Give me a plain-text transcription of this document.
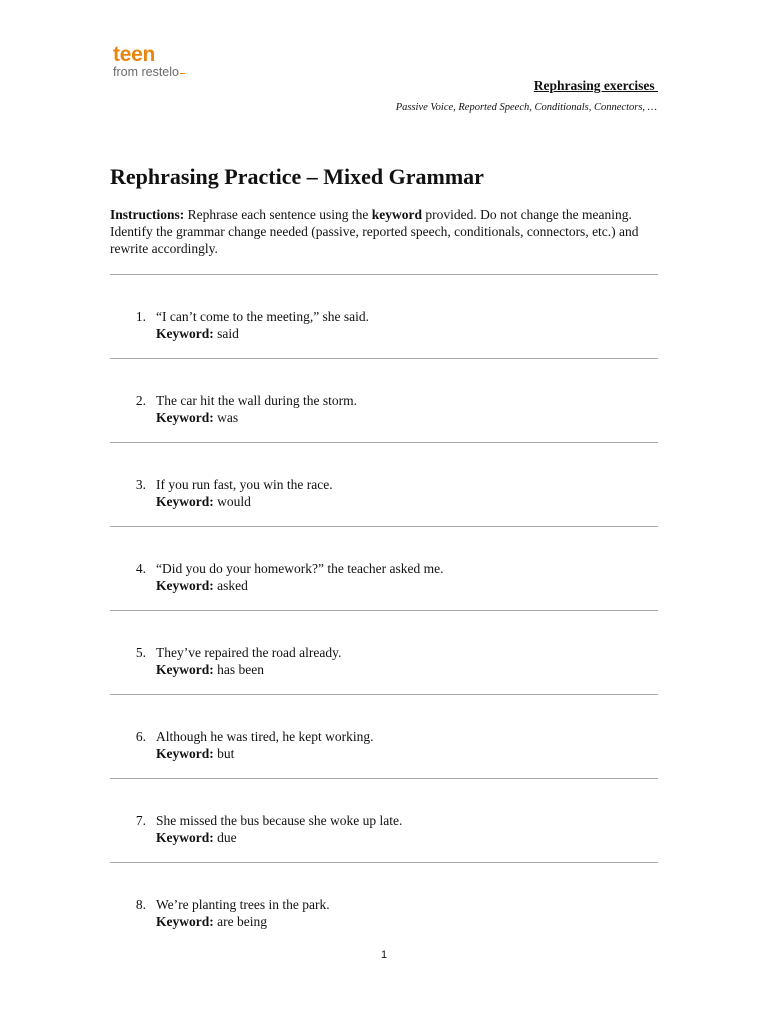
teen
from restelo
Rephrasing exercises
Passive Voice, Reported Speech, Conditionals, Connectors, …
Rephrasing Practice – Mixed Grammar

Instructions: Rephrase each sentence using the keyword provided. Do not change the meaning. Identify the grammar change needed (passive, reported speech, conditionals, connectors, etc.) and rewrite accordingly.

1. “I can’t come to the meeting,” she said.
Keyword: said
2. The car hit the wall during the storm.
Keyword: was
3. If you run fast, you win the race.
Keyword: would
4. “Did you do your homework?” the teacher asked me.
Keyword: asked
5. They’ve repaired the road already.
Keyword: has been
6. Although he was tired, he kept working.
Keyword: but
7. She missed the bus because she woke up late.
Keyword: due
8. We’re planting trees in the park.
Keyword: are being
1
